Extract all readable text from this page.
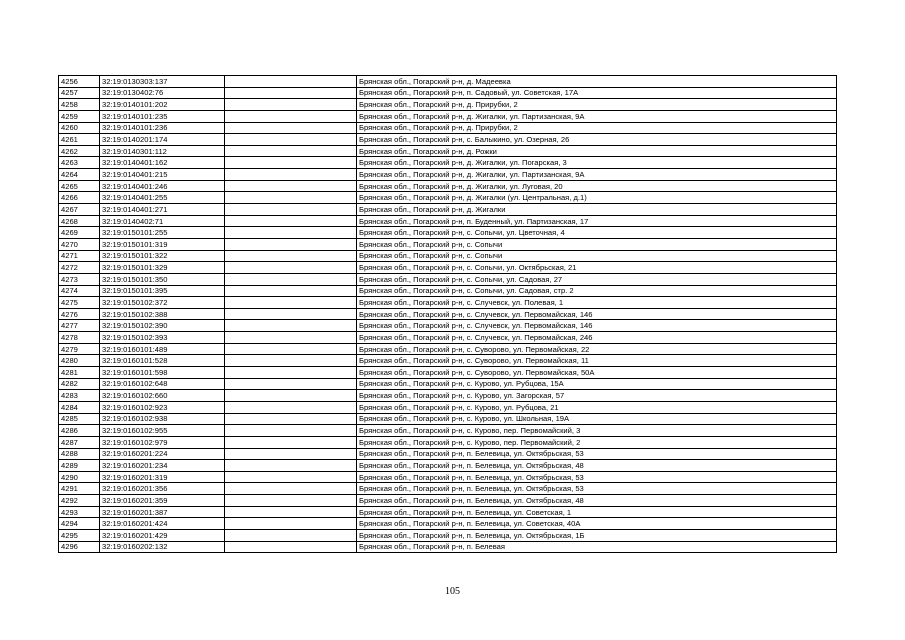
4256	32:19:0130303:137		Брянская обл., Погарский р-н, д. Мадеевка
4257	32:19:0130402:76		Брянская обл., Погарский р-н, п. Садовый, ул. Советская, 17А
4258	32:19:0140101:202		Брянская обл., Погарский р-н, д. Прирубки, 2
4259	32:19:0140101:235		Брянская обл., Погарский р-н, д. Жигалки, ул. Партизанская, 9А
4260	32:19:0140101:236		Брянская обл., Погарский р-н, д. Прирубки, 2
4261	32:19:0140201:174		Брянская обл., Погарский р-н, с. Балыкино, ул. Озерная, 26
4262	32:19:0140301:112		Брянская обл., Погарский р-н, д. Рожки
4263	32:19:0140401:162		Брянская обл., Погарский р-н, д. Жигалки, ул. Погарская, 3
4264	32:19:0140401:215		Брянская обл., Погарский р-н, д. Жигалки, ул. Партизанская, 9А
4265	32:19:0140401:246		Брянская обл., Погарский р-н, д. Жигалки, ул. Луговая, 20
4266	32:19:0140401:255		Брянская обл., Погарский р-н, д. Жигалки (ул. Центральная, д.1)
4267	32:19:0140401:271		Брянская обл., Погарский р-н, д. Жигалки
4268	32:19:0140402:71		Брянская обл., Погарский р-н, п. Буденный, ул. Партизанская, 17
4269	32:19:0150101:255		Брянская обл., Погарский р-н, с. Сопычи, ул. Цветочная, 4
4270	32:19:0150101:319		Брянская обл., Погарский р-н, с. Сопычи
4271	32:19:0150101:322		Брянская обл., Погарский р-н, с. Сопычи
4272	32:19:0150101:329		Брянская обл., Погарский р-н, с. Сопычи, ул. Октябрьская, 21
4273	32:19:0150101:350		Брянская обл., Погарский р-н, с. Сопычи, ул. Садовая, 27
4274	32:19:0150101:395		Брянская обл., Погарский р-н, с. Сопычи, ул. Садовая, стр. 2
4275	32:19:0150102:372		Брянская обл., Погарский р-н, с. Случевск, ул. Полевая, 1
4276	32:19:0150102:388		Брянская обл., Погарский р-н, с. Случевск, ул. Первомайская, 146
4277	32:19:0150102:390		Брянская обл., Погарский р-н, с. Случевск, ул. Первомайская, 146
4278	32:19:0150102:393		Брянская обл., Погарский р-н, с. Случевск, ул. Первомайская, 246
4279	32:19:0160101:489		Брянская обл., Погарский р-н, с. Суворово, ул. Первомайская, 22
4280	32:19:0160101:528		Брянская обл., Погарский р-н, с. Суворово, ул. Первомайская, 11
4281	32:19:0160101:598		Брянская обл., Погарский р-н, с. Суворово, ул. Первомайская, 50А
4282	32:19:0160102:648		Брянская обл., Погарский р-н, с. Курово, ул. Рубцова, 15А
4283	32:19:0160102:660		Брянская обл., Погарский р-н, с. Курово, ул. Загорская, 57
4284	32:19:0160102:923		Брянская обл., Погарский р-н, с. Курово, ул. Рубцова, 21
4285	32:19:0160102:938		Брянская обл., Погарский р-н, с. Курово, ул. Школьная, 19А
4286	32:19:0160102:955		Брянская обл., Погарский р-н, с. Курово, пер. Первомайский, 3
4287	32:19:0160102:979		Брянская обл., Погарский р-н, с. Курово, пер. Первомайский, 2
4288	32:19:0160201:224		Брянская обл., Погарский р-н, п. Белевица, ул. Октябрьская, 53
4289	32:19:0160201:234		Брянская обл., Погарский р-н, п. Белевица, ул. Октябрьская, 48
4290	32:19:0160201:319		Брянская обл., Погарский р-н, п. Белевица, ул. Октябрьская, 53
4291	32:19:0160201:356		Брянская обл., Погарский р-н, п. Белевица, ул. Октябрьская, 53
4292	32:19:0160201:359		Брянская обл., Погарский р-н, п. Белевица, ул. Октябрьская, 48
4293	32:19:0160201:387		Брянская обл., Погарский р-н, п. Белевица, ул. Советская, 1
4294	32:19:0160201:424		Брянская обл., Погарский р-н, п. Белевица, ул. Советская, 40А
4295	32:19:0160201:429		Брянская обл., Погарский р-н, п. Белевица, ул. Октябрьская, 1Б
4296	32:19:0160202:132		Брянская обл., Погарский р-н, п. Белевая
105
